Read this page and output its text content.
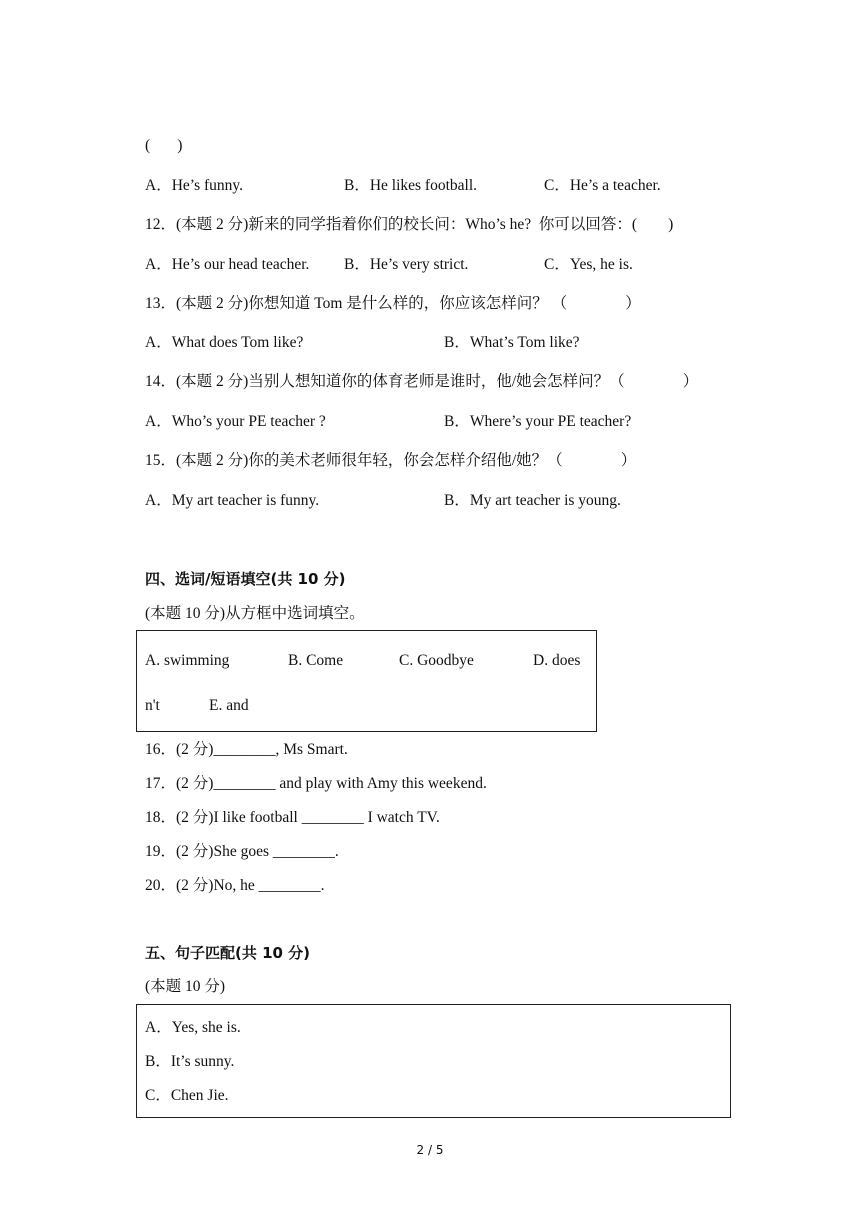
(       )
A．He’s funny.	B．He likes football.	C．He’s a teacher.
12．(本题 2 分)新来的同学指着你们的校长问：Who’s he?  你可以回答：(        )
A．He’s our head teacher. B．He’s very strict.	C．Yes, he is.
13．(本题 2 分)你想知道 Tom 是什么样的，你应该怎样问？ （               ）
A．What does Tom like?	B．What’s Tom like?
14．(本题 2 分)当别人想知道你的体育老师是谁时，他/她会怎样问？（               ）
A．Who’s your PE teacher ?	B．Where’s your PE teacher?
15．(本题 2 分)你的美术老师很年轻，你会怎样介绍他/她？（               ）
A．My art teacher is funny.	B．My art teacher is young.
四、选词/短语填空(共 10 分)
(本题 10 分)从方框中选词填空。
A. swimming	B. Come	C. Goodbye	D. does
n't	E. and
16．(2 分)________, Ms Smart.
17．(2 分)________ and play with Amy this weekend.
18．(2 分)I like football ________ I watch TV.
19．(2 分)She goes ________.
20．(2 分)No, he ________.
五、句子匹配(共 10 分)
(本题 10 分)
A．Yes, she is.
B．It’s sunny.
C．Chen Jie.
2 / 5
